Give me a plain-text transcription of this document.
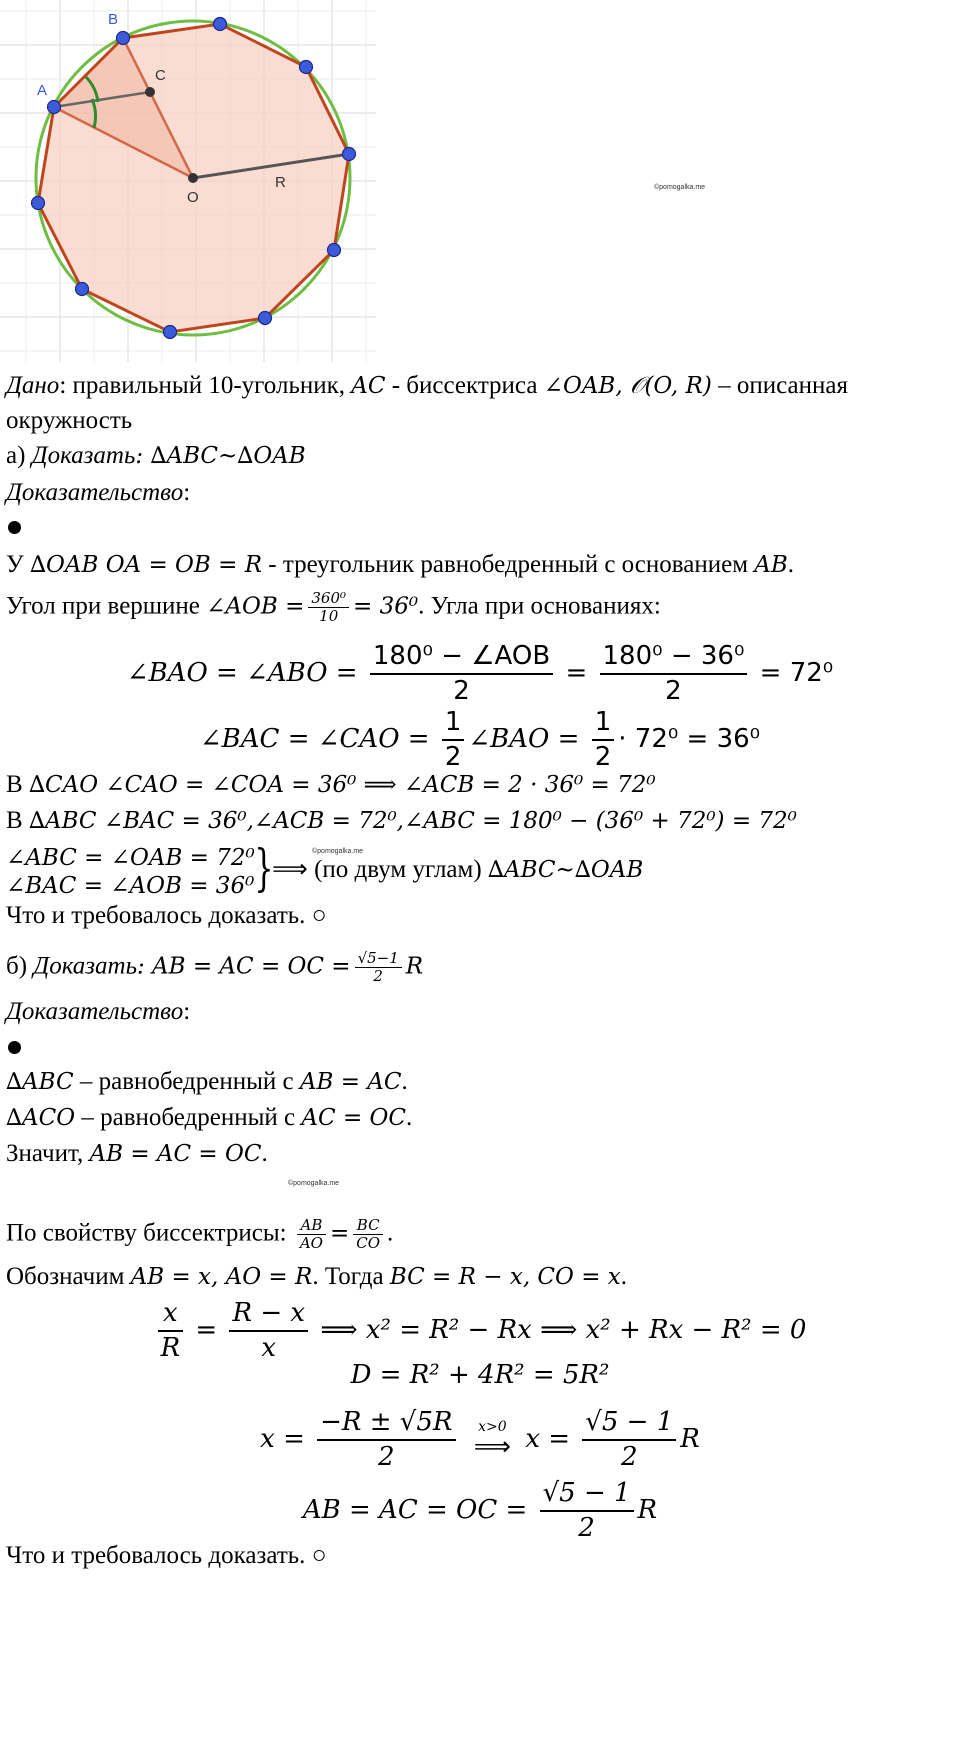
A
B
C
O
R	©pomogalka.me
Дано: правильный 10-угольник, AC - биссектриса ∠OAB, 𝒪(O, R) – описанная
окружность
а) Доказать: ∆ABC~∆OAB
Доказательство:
У ∆OAB OA = OB = R - треугольник равнобедренный с основанием AB.
Угол при вершине ∠AOB = $\frac{\text{360⁰}}{10} = 36^0$. Угла при основаниях:
∠BAO = ∠ABO = $\frac{\text{180⁰ − ∠AOB}}{2} = \frac{\text{180⁰ − 36⁰}}{2} = 72^0$
∠BAC = ∠CAO = $\frac{1}{2}$ ∠BAO = $\frac{1}{2} \cdot 72^0 = 36^0$
В ∆CAO ∠CAO = ∠COA = 36⁰ ⟹ ∠ACB = 2 · 36⁰ = 72⁰
В ∆ABC ∠BAC = 36⁰,∠ACB = 72⁰,∠ABC = 180⁰ − (36⁰ + 72⁰) = 72⁰
∠ABC = ∠OAB = 72⁰
∠BAC = ∠AOB = 36⁰ }
⟹ (по двум углам) ∆ABC~∆OAB
©pomogalka.me
Что и требовалось доказать. ○
б) Доказать: AB = AC = OC = $\frac{√5-1}{2}$ R
Доказательство:
∆ABC – равнобедренный с AB = AC.
∆ACO – равнобедренный с AC = OC.
Значит, AB = AC = OC.
©pomogalka.me
По свойству биссектрисы: $\frac{AB}{AO} = \frac{BC}{CO}$ .
Обозначим AB = x, AO = R. Тогда BC = R − x, CO = x.
$\frac{x}{R} = \frac{R - x}{x}$ ⟹ x² = R² − Rx ⟹ x² + Rx − R² = 0
D = R² + 4R² = 5R²
$x = \frac{-R \pm √5R}{2}$
	x>0
⟹ $x = \frac{√5 - 1}{2}$ R
AB = AC = OC = $\frac{√5 - 1}{2}$ R
Что и требовалось доказать. ○
